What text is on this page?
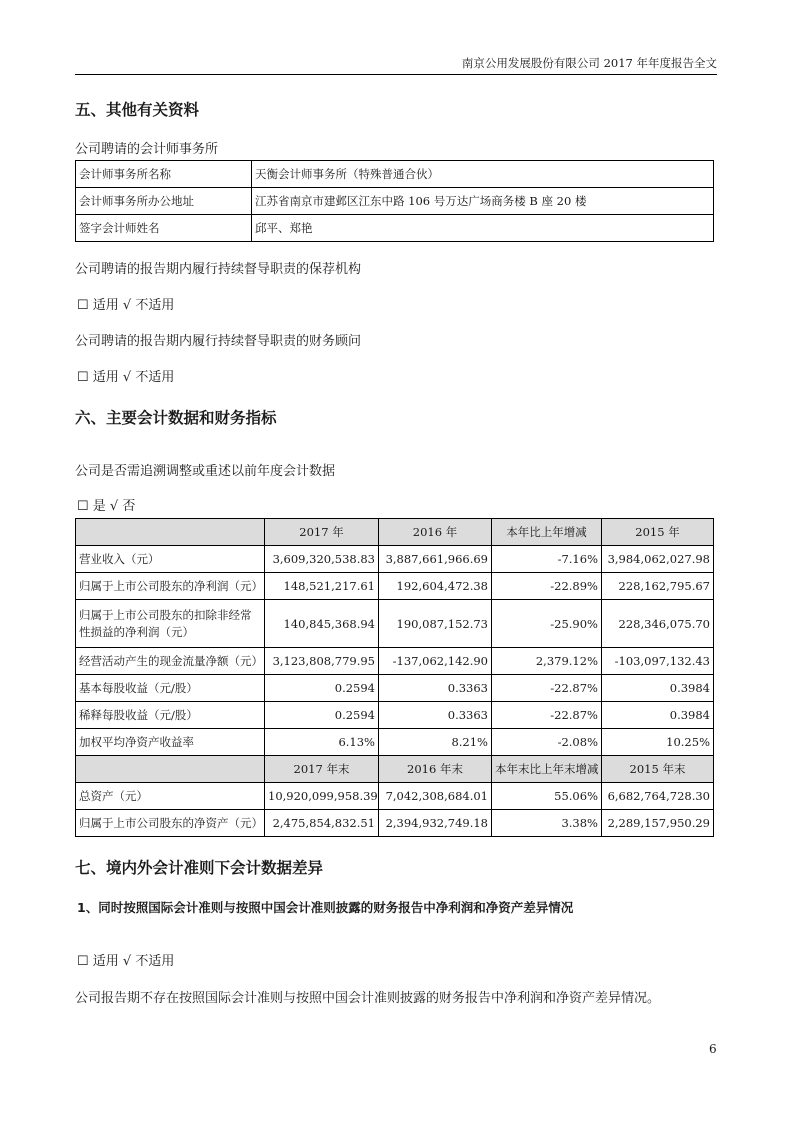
南京公用发展股份有限公司 2017 年年度报告全文
五、其他有关资料
公司聘请的会计师事务所
会计师事务所名称	天衡会计师事务所（特殊普通合伙）
会计师事务所办公地址	江苏省南京市建邺区江东中路 106 号万达广场商务楼 B 座 20 楼
签字会计师姓名	邱平、郑艳
公司聘请的报告期内履行持续督导职责的保荐机构
☐ 适用 √ 不适用
公司聘请的报告期内履行持续督导职责的财务顾问
☐ 适用 √ 不适用
六、主要会计数据和财务指标
公司是否需追溯调整或重述以前年度会计数据
☐ 是 √ 否
	2017 年	2016 年	本年比上年增减	2015 年
营业收入（元）	3,609,320,538.83	3,887,661,966.69	-7.16%	3,984,062,027.98
归属于上市公司股东的净利润（元）	148,521,217.61	192,604,472.38	-22.89%	228,162,795.67
归属于上市公司股东的扣除非经常性损益的净利润（元）	140,845,368.94	190,087,152.73	-25.90%	228,346,075.70
经营活动产生的现金流量净额（元）	3,123,808,779.95	-137,062,142.90	2,379.12%	-103,097,132.43
基本每股收益（元/股）	0.2594	0.3363	-22.87%	0.3984
稀释每股收益（元/股）	0.2594	0.3363	-22.87%	0.3984
加权平均净资产收益率	6.13%	8.21%	-2.08%	10.25%
	2017 年末	2016 年末	本年末比上年末增减	2015 年末
总资产（元）	10,920,099,958.39	7,042,308,684.01	55.06%	6,682,764,728.30
归属于上市公司股东的净资产（元）	2,475,854,832.51	2,394,932,749.18	3.38%	2,289,157,950.29
七、境内外会计准则下会计数据差异
1、同时按照国际会计准则与按照中国会计准则披露的财务报告中净利润和净资产差异情况
☐ 适用 √ 不适用
公司报告期不存在按照国际会计准则与按照中国会计准则披露的财务报告中净利润和净资产差异情况。
6
